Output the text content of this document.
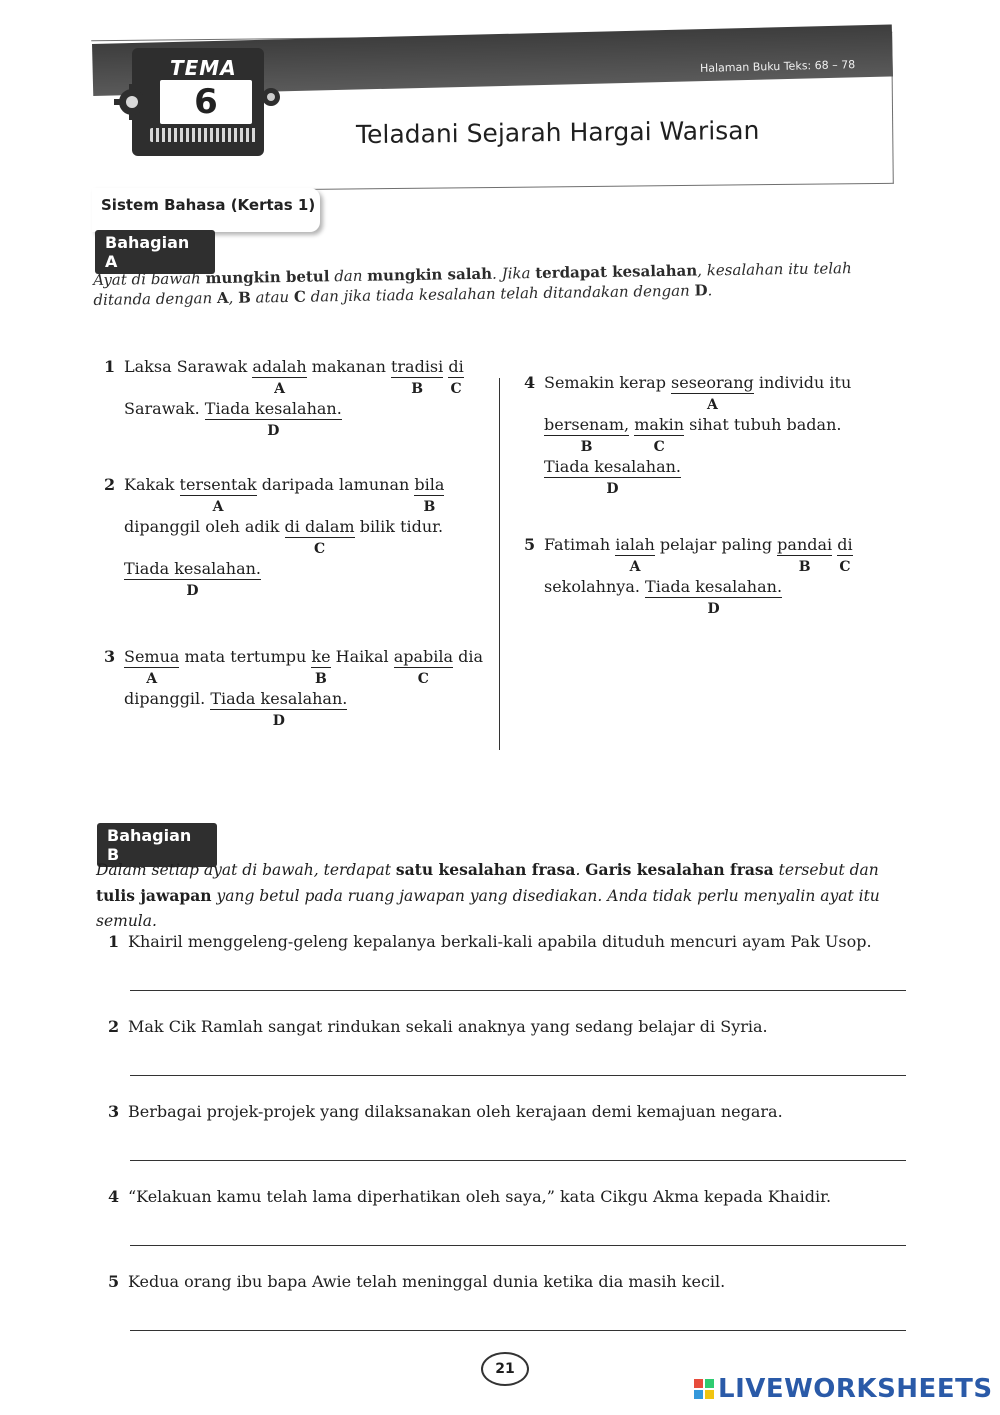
TEMA
6
Halaman Buku Teks: 68 – 78
Teladani Sejarah Hargai Warisan
Sistem Bahasa (Kertas 1)
Bahagian A
Ayat di bawah mungkin betul dan mungkin salah. Jika terdapat kesalahan, kesalahan itu telah ditanda dengan A, B atau C dan jika tiada kesalahan telah ditandakan dengan D.
1 Laksa Sarawak adalah
A
makanan tradisi
B
di
C
Sarawak. Tiada kesalahan.
D
2 Kakak tersentak
A
daripada lamunan bila
B
dipanggil oleh adik di dalam
C
bilik tidur.
Tiada kesalahan.
D
3 Semua
A
mata tertumpu ke
B
Haikal apabila
C
dia
dipanggil. Tiada kesalahan.
D
4 Semakin kerap seseorang
A
individu itu
bersenam,
B
makin
C
sihat tubuh badan.
Tiada kesalahan.
D
5 Fatimah ialah
A
pelajar paling pandai
B
di
C
sekolahnya. Tiada kesalahan.
D
Bahagian B
Dalam setiap ayat di bawah, terdapat satu kesalahan frasa. Garis kesalahan frasa tersebut dan tulis jawapan yang betul pada ruang jawapan yang disediakan. Anda tidak perlu menyalin ayat itu semula.
1 Khairil menggeleng-geleng kepalanya berkali-kali apabila dituduh mencuri ayam Pak Usop.
2 Mak Cik Ramlah sangat rindukan sekali anaknya yang sedang belajar di Syria.
3 Berbagai projek-projek yang dilaksanakan oleh kerajaan demi kemajuan negara.
4 “Kelakuan kamu telah lama diperhatikan oleh saya,” kata Cikgu Akma kepada Khaidir.
5 Kedua orang ibu bapa Awie telah meninggal dunia ketika dia masih kecil.
21
LIVEWORKSHEETS
